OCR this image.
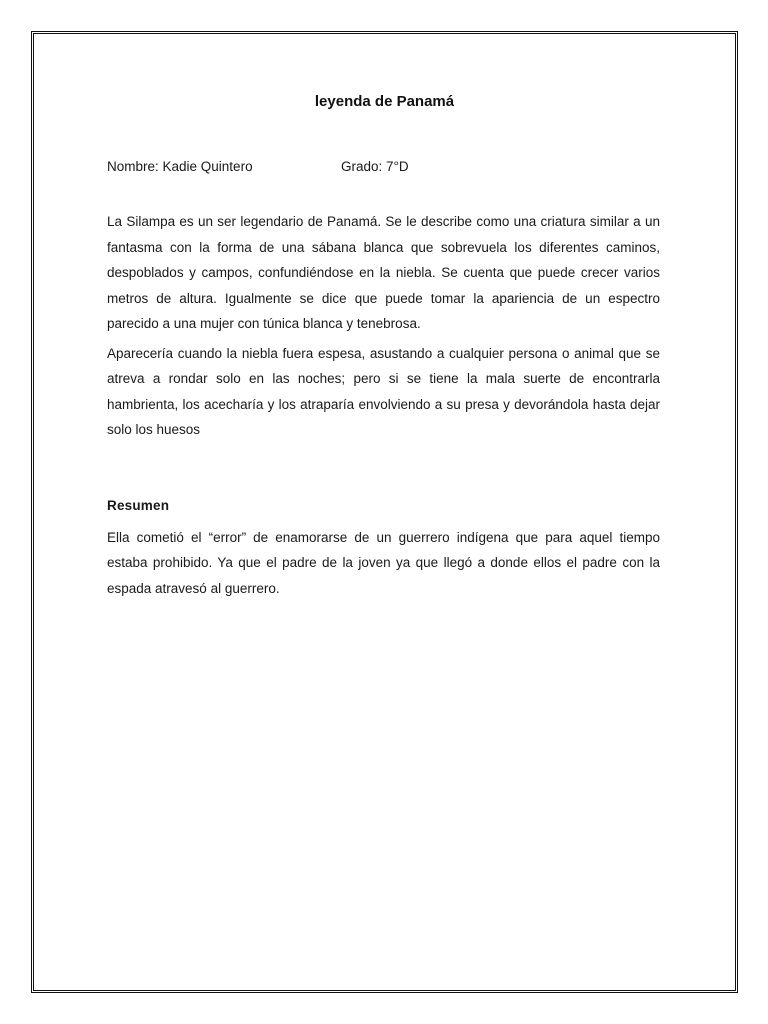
leyenda de Panamá
Nombre: Kadie Quintero	Grado: 7°D

La Silampa es un ser legendario de Panamá. Se le describe como una criatura similar a un fantasma con la forma de una sábana blanca que sobrevuela los diferentes caminos, despoblados y campos, confundiéndose en la niebla. Se cuenta que puede crecer varios metros de altura. Igualmente se dice que puede tomar la apariencia de un espectro parecido a una mujer con túnica blanca y tenebrosa.

Aparecería cuando la niebla fuera espesa, asustando a cualquier persona o animal que se atreva a rondar solo en las noches; pero si se tiene la mala suerte de encontrarla hambrienta, los acecharía y los atraparía envolviendo a su presa y devorándola hasta dejar solo los huesos

Resumen

Ella cometió el “error” de enamorarse de un guerrero indígena que para aquel tiempo estaba prohibido. Ya que el padre de la joven ya que llegó a donde ellos el padre con la espada atravesó al guerrero.
